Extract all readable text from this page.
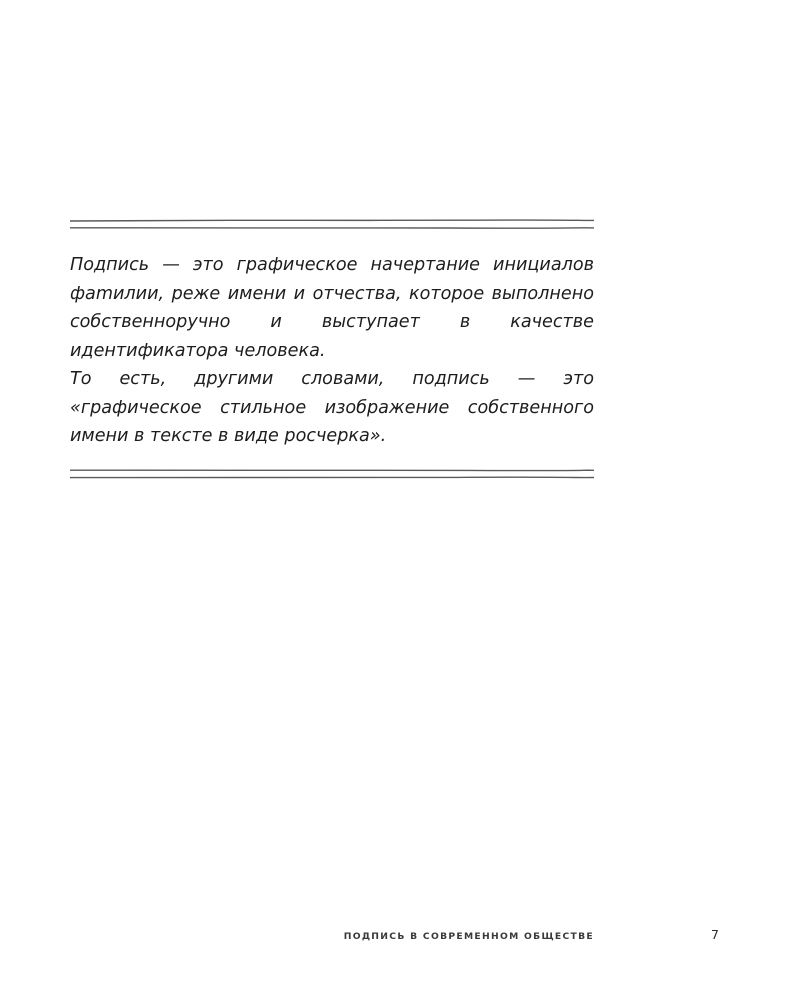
Подпись — это графическое начертание инициалов фаmилии, реже имени и отчества, которое выполнено собственноручно и выступает в качестве идентификатора человека.

То есть, другими словами, подпись — это «графическое стильное изображение собственного имени в тексте в виде росчерка».

ПОДПИСЬ В СОВРЕМЕННОМ ОБЩЕСТВЕ	7
